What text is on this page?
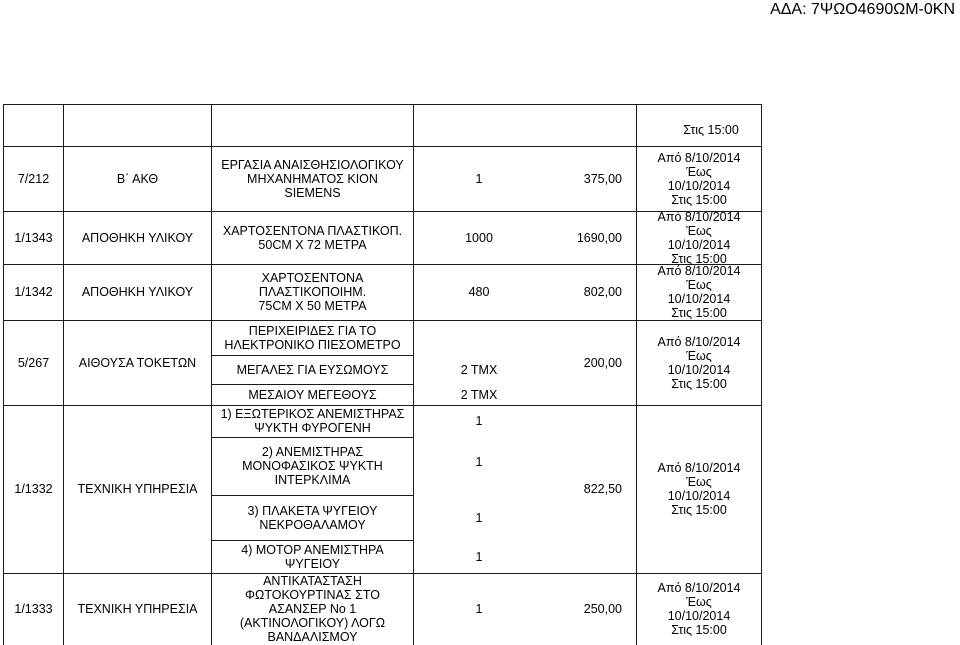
ΑΔΑ: 7ΨΩΟ4690ΩΜ-0ΚΝ
Στις 15:00
7/212	Β΄ ΑΚΘ
ΕΡΓΑΣΙΑ ΑΝΑΙΣΘΗΣΙΟΛΟΓΙΚΟΥ
ΜΗΧΑΝΗΜΑΤΟΣ ΚΙΟΝ
SIEMENS
1	375,00
Από 8/10/2014
Έως
10/10/2014
Στις 15:00
1/1343	ΑΠΟΘΗΚΗ ΥΛΙΚΟΥ	ΧΑΡΤΟΣΕΝΤΟΝΑ ΠΛΑΣΤΙΚΟΠ.
50CM X 72 ΜΕΤΡΑ	1000	1690,00
Από 8/10/2014
Έως
10/10/2014
Στις 15:00
1/1342	ΑΠΟΘΗΚΗ ΥΛΙΚΟΥ
ΧΑΡΤΟΣΕΝΤΟΝΑ
ΠΛΑΣΤΙΚΟΠΟΙΗΜ.
75CM X 50 ΜΕΤΡΑ
480	802,00
Από 8/10/2014
Έως
10/10/2014
Στις 15:00
5/267	ΑΙΘΟΥΣΑ ΤΟΚΕΤΩΝ
ΠΕΡΙΧΕΙΡΙΔΕΣ ΓΙΑ ΤΟ
ΗΛΕΚΤΡΟΝΙΚΟ ΠΙΕΣΟΜΕΤΡΟ
ΜΕΓΑΛΕΣ ΓΙΑ ΕΥΣΩΜΟΥΣ	2 ΤΜΧ
ΜΕΣΑΙΟΥ ΜΕΓΕΘΟΥΣ	2 ΤΜΧ
200,00
Από 8/10/2014
Έως
10/10/2014
Στις 15:00
1/1332	ΤΕΧΝΙΚΗ ΥΠΗΡΕΣΙΑ
1) ΕΞΩΤΕΡΙΚΟΣ ΑΝΕΜΙΣΤΗΡΑΣ
ΨΥΚΤΗ ΦΥΡΟΓΕΝΗ	1
2) ΑΝΕΜΙΣΤΗΡΑΣ
ΜΟΝΟΦΑΣΙΚΟΣ ΨΥΚΤΗ
ΙΝΤΕΡΚΛΙΜΑ
1
3) ΠΛΑΚΕΤΑ ΨΥΓΕΙΟΥ
ΝΕΚΡΟΘΑΛΑΜΟΥ	1
4) ΜΟΤΟΡ ΑΝΕΜΙΣΤΗΡΑ
ΨΥΓΕΙΟΥ	1
822,50
Από 8/10/2014
Έως
10/10/2014
Στις 15:00
1/1333	ΤΕΧΝΙΚΗ ΥΠΗΡΕΣΙΑ
ΑΝΤΙΚΑΤΑΣΤΑΣΗ
ΦΩΤΟΚΟΥΡΤΙΝΑΣ ΣΤΟ
ΑΣΑΝΣΕΡ Νο 1
(ΑΚΤΙΝΟΛΟΓΙΚΟΥ) ΛΟΓΩ
ΒΑΝΔΑΛΙΣΜΟΥ
1	250,00
Από 8/10/2014
Έως
10/10/2014
Στις 15:00
